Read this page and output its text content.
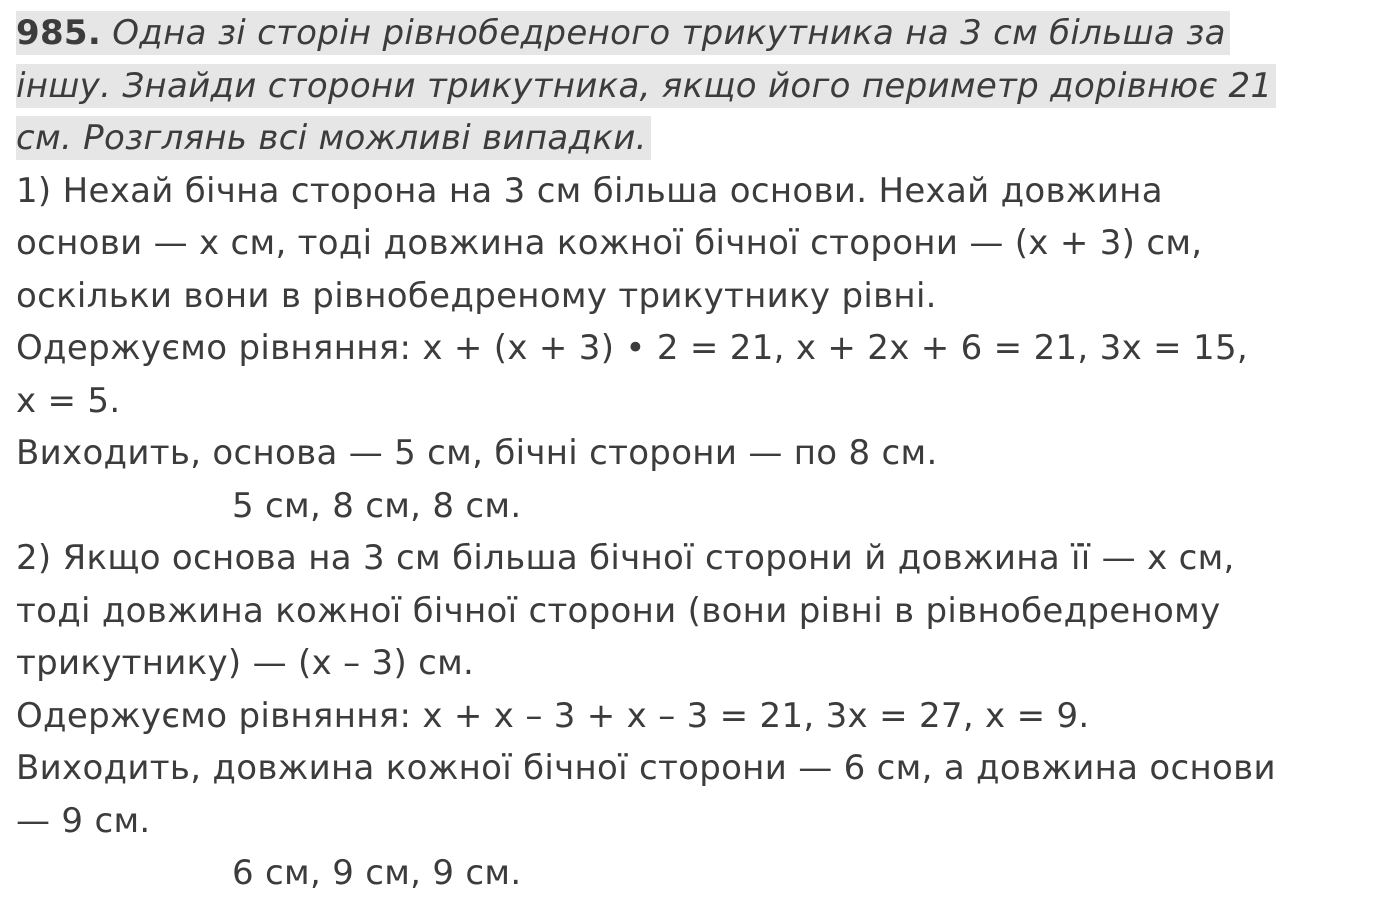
985. Одна зі сторін рівнобедреного трикутника на 3 см більша за
іншу. Знайди сторони трикутника, якщо його периметр дорівнює 21
см. Розглянь всі можливі випадки.
1) Нехай бічна сторона на 3 см більша основи. Нехай довжина
основи — х см, тоді довжина кожної бічної сторони — (х + 3) см,
оскільки вони в рівнобедреному трикутнику рівні.
Одержуємо рівняння: х + (х + 3) • 2 = 21, х + 2х + 6 = 21, 3х = 15,
х = 5.
Виходить, основа — 5 см, бічні сторони — по 8 см.
5 см, 8 см, 8 см.
2) Якщо основа на 3 см більша бічної сторони й довжина її — х см,
тоді довжина кожної бічної сторони (вони рівні в рівнобедреному
трикутнику) — (х – 3) см.
Одержуємо рівняння: х + х – 3 + х – 3 = 21, 3х = 27, х = 9.
Виходить, довжина кожної бічної сторони — 6 см, а довжина основи
— 9 см.
6 см, 9 см, 9 см.
